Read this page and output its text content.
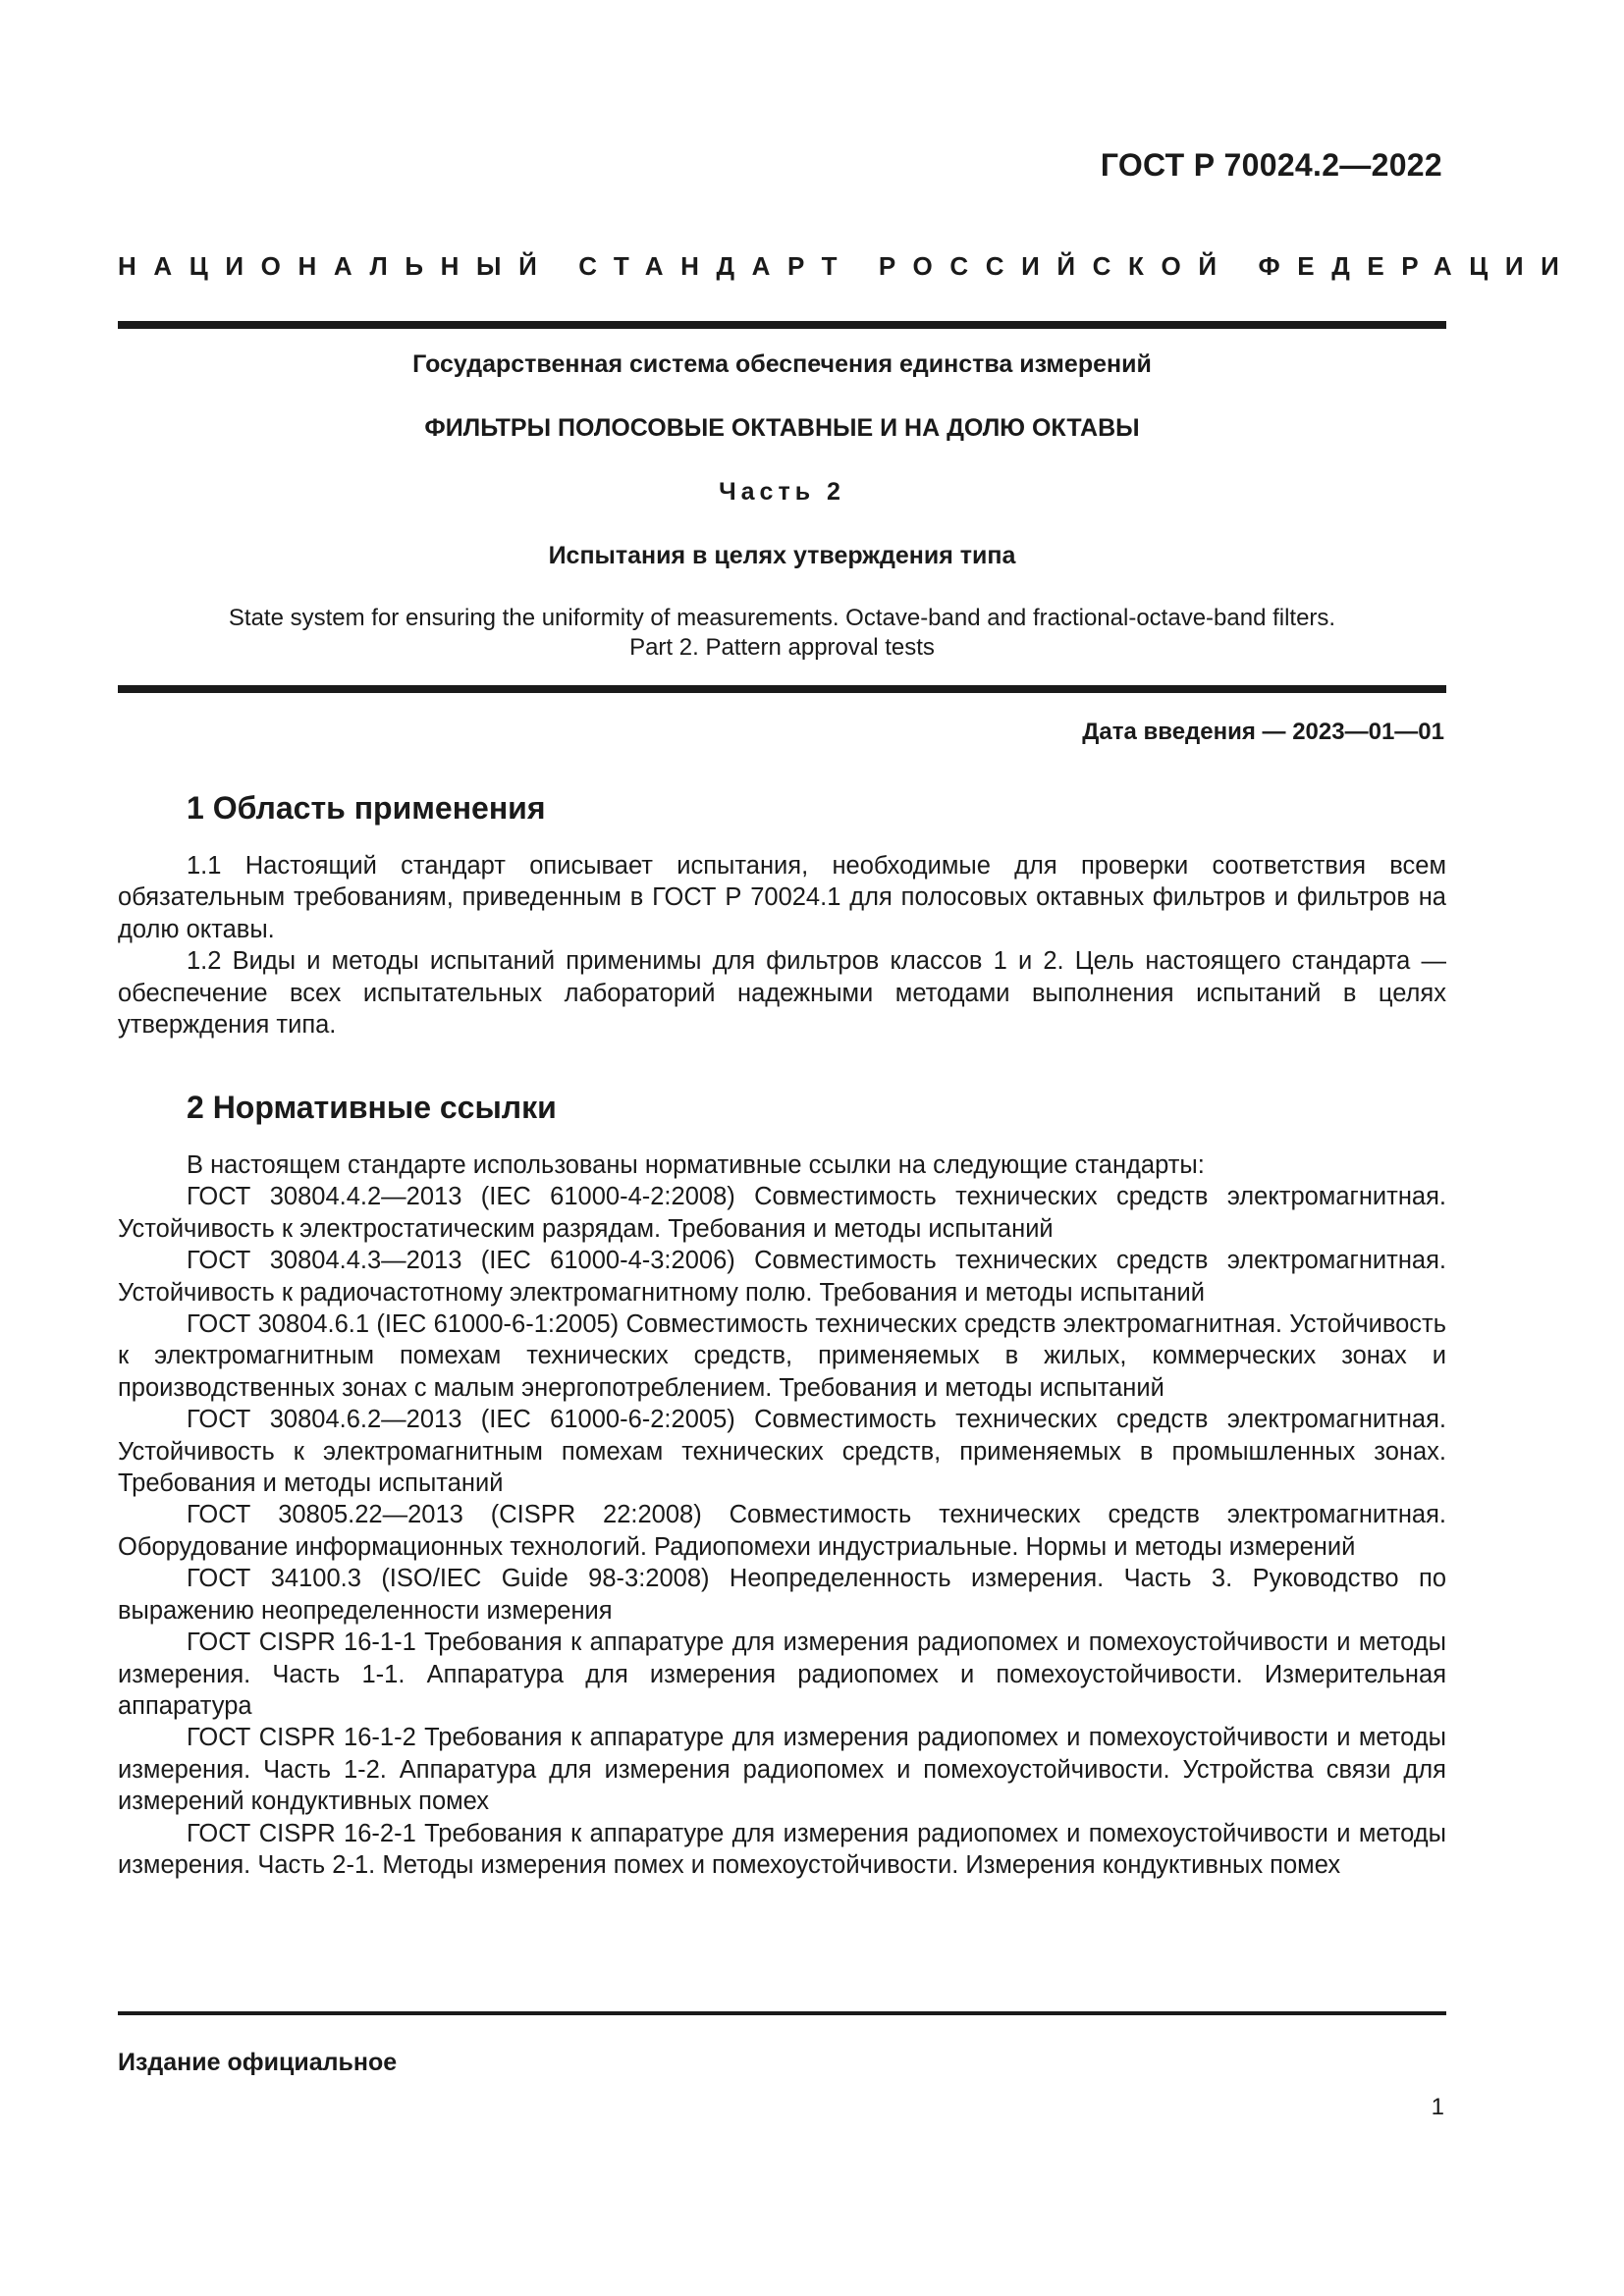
ГОСТ Р 70024.2—2022

НАЦИОНАЛЬНЫЙ СТАНДАРТ РОССИЙСКОЙ ФЕДЕРАЦИИ

Государственная система обеспечения единства измерений

ФИЛЬТРЫ ПОЛОСОВЫЕ ОКТАВНЫЕ И НА ДОЛЮ ОКТАВЫ

Часть 2

Испытания в целях утверждения типа

State system for ensuring the uniformity of measurements. Octave-band and fractional-octave-band filters.
Part 2. Pattern approval tests

Дата введения — 2023—01—01

1 Область применения

1.1 Настоящий стандарт описывает испытания, необходимые для проверки соответствия всем обязательным требованиям, приведенным в ГОСТ Р 70024.1 для полосовых октавных фильтров и фильтров на долю октавы.

1.2 Виды и методы испытаний применимы для фильтров классов 1 и 2. Цель настоящего стандарта — обеспечение всех испытательных лабораторий надежными методами выполнения испытаний в целях утверждения типа.

2 Нормативные ссылки

В настоящем стандарте использованы нормативные ссылки на следующие стандарты:

ГОСТ 30804.4.2—2013 (IEC 61000-4-2:2008) Совместимость технических средств электромагнитная. Устойчивость к электростатическим разрядам. Требования и методы испытаний

ГОСТ 30804.4.3—2013 (IEC 61000-4-3:2006) Совместимость технических средств электромагнитная. Устойчивость к радиочастотному электромагнитному полю. Требования и методы испытаний

ГОСТ 30804.6.1 (IEC 61000-6-1:2005) Совместимость технических средств электромагнитная. Устойчивость к электромагнитным помехам технических средств, применяемых в жилых, коммерческих зонах и производственных зонах с малым энергопотреблением. Требования и методы испытаний

ГОСТ 30804.6.2—2013 (IEC 61000-6-2:2005) Совместимость технических средств электромагнитная. Устойчивость к электромагнитным помехам технических средств, применяемых в промышленных зонах. Требования и методы испытаний

ГОСТ 30805.22—2013 (CISPR 22:2008) Совместимость технических средств электромагнитная. Оборудование информационных технологий. Радиопомехи индустриальные. Нормы и методы измерений

ГОСТ 34100.3 (ISO/IEC Guide 98-3:2008) Неопределенность измерения. Часть 3. Руководство по выражению неопределенности измерения

ГОСТ CISPR 16-1-1 Требования к аппаратуре для измерения радиопомех и помехоустойчивости и методы измерения. Часть 1-1. Аппаратура для измерения радиопомех и помехоустойчивости. Измерительная аппаратура

ГОСТ CISPR 16-1-2 Требования к аппаратуре для измерения радиопомех и помехоустойчивости и методы измерения. Часть 1-2. Аппаратура для измерения радиопомех и помехоустойчивости. Устройства связи для измерений кондуктивных помех

ГОСТ CISPR 16-2-1 Требования к аппаратуре для измерения радиопомех и помехоустойчивости и методы измерения. Часть 2-1. Методы измерения помех и помехоустойчивости. Измерения кондуктивных помех

Издание официальное

1
